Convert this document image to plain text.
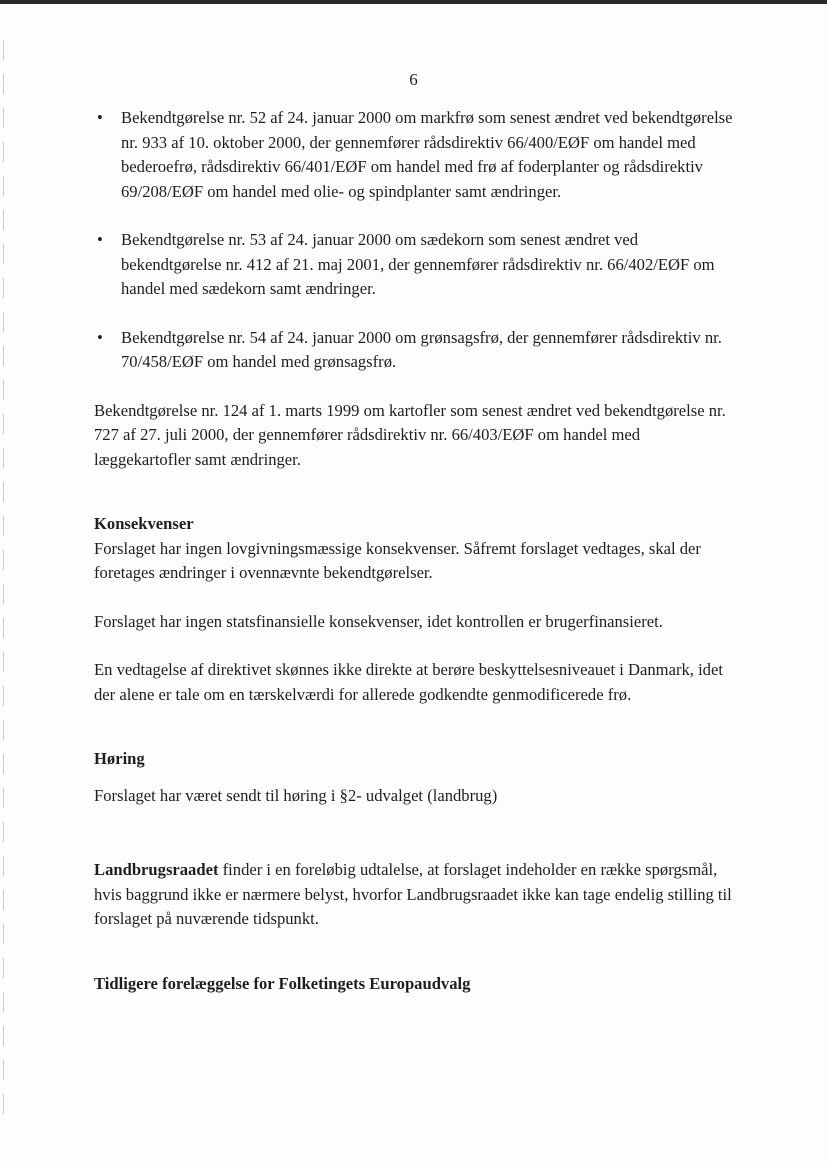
6
• Bekendtgørelse nr. 52 af 24. januar 2000 om markfrø som senest ændret ved bekendtgørelse nr. 933 af 10. oktober 2000, der gennemfører rådsdirektiv 66/400/EØF om handel med bederoefrø, rådsdirektiv 66/401/EØF om handel med frø af foderplanter og rådsdirektiv 69/208/EØF om handel med olie- og spindplanter samt ændringer.
• Bekendtgørelse nr. 53 af 24. januar 2000 om sædekorn som senest ændret ved bekendtgørelse nr. 412 af 21. maj 2001, der gennemfører rådsdirektiv nr. 66/402/EØF om handel med sædekorn samt ændringer.
• Bekendtgørelse nr. 54 af 24. januar 2000 om grønsagsfrø, der gennemfører rådsdirektiv nr. 70/458/EØF om handel med grønsagsfrø.

Bekendtgørelse nr. 124 af 1. marts 1999 om kartofler som senest ændret ved bekendtgørelse nr. 727 af 27. juli 2000, der gennemfører rådsdirektiv nr. 66/403/EØF om handel med læggekartofler samt ændringer.

Konsekvenser

Forslaget har ingen lovgivningsmæssige konsekvenser. Såfremt forslaget vedtages, skal der foretages ændringer i ovennævnte bekendtgørelser.

Forslaget har ingen statsfinansielle konsekvenser, idet kontrollen er brugerfinansieret.

En vedtagelse af direktivet skønnes ikke direkte at berøre beskyttelsesniveauet i Danmark, idet der alene er tale om en tærskelværdi for allerede godkendte genmodificerede frø.

Høring

Forslaget har været sendt til høring i §2- udvalget (landbrug)

Landbrugsraadet finder i en foreløbig udtalelse, at forslaget indeholder en række spørgsmål, hvis baggrund ikke er nærmere belyst, hvorfor Landbrugsraadet ikke kan tage endelig stilling til forslaget på nuværende tidspunkt.

Tidligere forelæggelse for Folketingets Europaudvalg
